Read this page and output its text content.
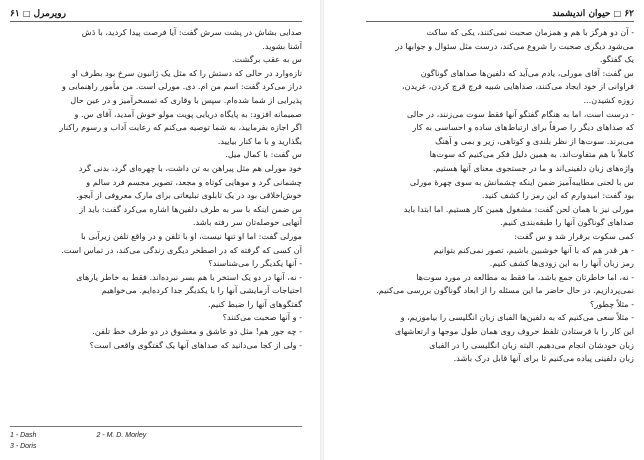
رویرمرل □ ۶۱

صدایی بشاش در پشت سرش گفت: آیا فرصت پیدا کردید، با دَش

آشنا بشوید.

س به عقب برگشت.

تازه‌وارد در حالی که دستش را که مثل یک ژانبون سرخ بود بطرف او

دراز می‌کرد گفت: اسم من ام. دی. مورلی است. من مأمور راهنمایی و

پذیرایی از شما شده‌ام. سپس با وقاری که تمسخرآمیز و در عین حال

صمیمانه افزود: به پایگاه دریایی پویت مولو خوش آمدید، آقای س. و

اگر اجازه بفرمایید، به شما توصیه می‌کنم که رعایت آداب و رسوم راکنار

بگذارید و با ما کنار بیایید.

س گفت: با کمال میل.

خود مورلی هم مثل پیراهن به تن داشت، با چهره‌ای گرد، بدنی گرد

چشمانی گرد و موهایی کوتاه و مجعد، تصویر مجسم فرد سالم و

خوش‌اخلاقی بود در یک تابلوی تبلیغاتی برای مارک معروفی از آبجو.

س ضمن اینکه با سر به طرف دلفین‌ها اشاره می‌کرد گفت: باید از

آنهایی حوصله‌تان سر رفته باشد.

مورلی گفت: اما او تنها نیست، او با تلفن و در واقع تلفن زیرآبی با

آن کسی که گرفته که در اصطخر دیگری زندگی می‌کند، در تماس است.

- آنها یکدیگر را می‌شناسند؟

- نه، آنها در دو یک استخر با هم بسر نبرده‌اند. فقط به خاطر یارهای

احتیاجات آزمایشی آنها را با یکدیگر جدا کرده‌ایم. می‌خواهیم

گفتگوهای آنها را ضبط کنیم.

- و آنها صحبت می‌کنند؟

- چه جور هم! مثل دو عاشق و معشوق در دو طرف خط تلفن.

- ولی از کجا می‌دانید که صداهای آنها یک گفتگوی واقعی است؟

1 - Dash	2 - M. D. Morley
3 - Doris
۶۲ □ حیوان اندیشمند

- آن دو هرگز با هم و همزمان صحبت نمی‌کنند، یکی که ساکت

می‌شود دیگری صحبت را شروع می‌کند، درست مثل سئوال و جوابها در

یک گفتگو.

س گفت: آقای مورلی، یادم می‌آید که دلفین‌ها صداهای گوناگون

فراوانی از خود ایجاد می‌کنند، صداهایی شبیه فرچ قرچ کردن، غریدن،

زوزه کشیدن...

- درست است، اما به هنگام گفتگو آنها فقط سوت می‌زنند، در حالی

که صداهای دیگر را صرفاً برای ارتباط‌های ساده و احساسی به کار

می‌برند. سوت‌ها از نظر بلندی و کوتاهی، زیر و بمی و آهنگ

کاملاً با هم متفاوت‌اند. به همین دلیل فکر می‌کنیم که سوت‌ها

واژه‌های زبان دلفینی‌اند و ما در جستجوی معنای آنها هستیم.

س با لحنی مطایبه‌آمیز ضمن اینکه چشمانش به سوی چهرهٔ مورلی

بود گفت: امیدوارم که این رمز را کشف کنید.

مورلی نیز با همان لحن گفت: مشغول همین کار هستیم. اما ابتدا باید

صداهای گوناگون آنها را طبقه‌بندی کنیم.

کمی سکوت برقرار شد و س گفت:

- هر قدر هم که با آنها خوشبین باشیم، تصور نمی‌کنم بتوانیم

رمز زبان آنها را به این زودی‌ها کشف کنیم.

- نه، اما خاطرتان جمع باشد، ما فقط به مطالعه در مورد سوت‌ها

نمی‌پردازیم. در حال حاضر ما این مسئله را از ابعاد گوناگون بررسی می‌کنیم.

- مثلاً چطور؟

- مثلاً سعی می‌کنیم که به دلفین‌ها الفبای زبان انگلیسی را بیاموزیم، و

این کار را با فرستادن تلفظ حروف روی همان طول موجها و ارتعاشهای

زبان خودشان انجام می‌دهیم. البته زبان انگلیسی را در الفبای

زبان دلفینی پیاده می‌کنیم تا برای آنها قابل درک باشد.
